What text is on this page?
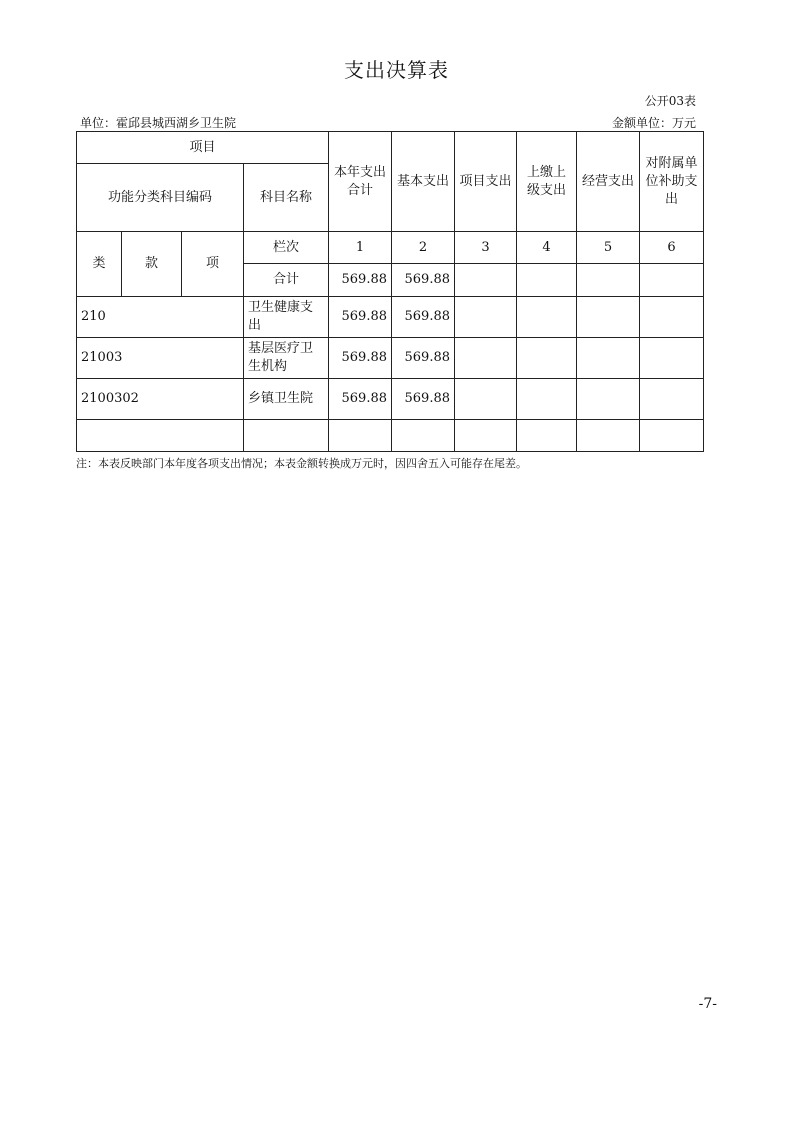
支出决算表
公开03表
单位：霍邱县城西湖乡卫生院	金额单位：万元
项目				本年支出合计	基本支出	项目支出	上缴上级支出	经营支出	对附属单位补助支出
功能分类科目编码			科目名称						
类	款	项	栏次	1	2	3	4	5	6
			合计	569.88	569.88				
210			卫生健康支出	569.88	569.88				
21003			基层医疗卫生机构	569.88	569.88				
2100302			乡镇卫生院	569.88	569.88				

注：本表反映部门本年度各项支出情况；本表金额转换成万元时，因四舍五入可能存在尾差。
-7-
